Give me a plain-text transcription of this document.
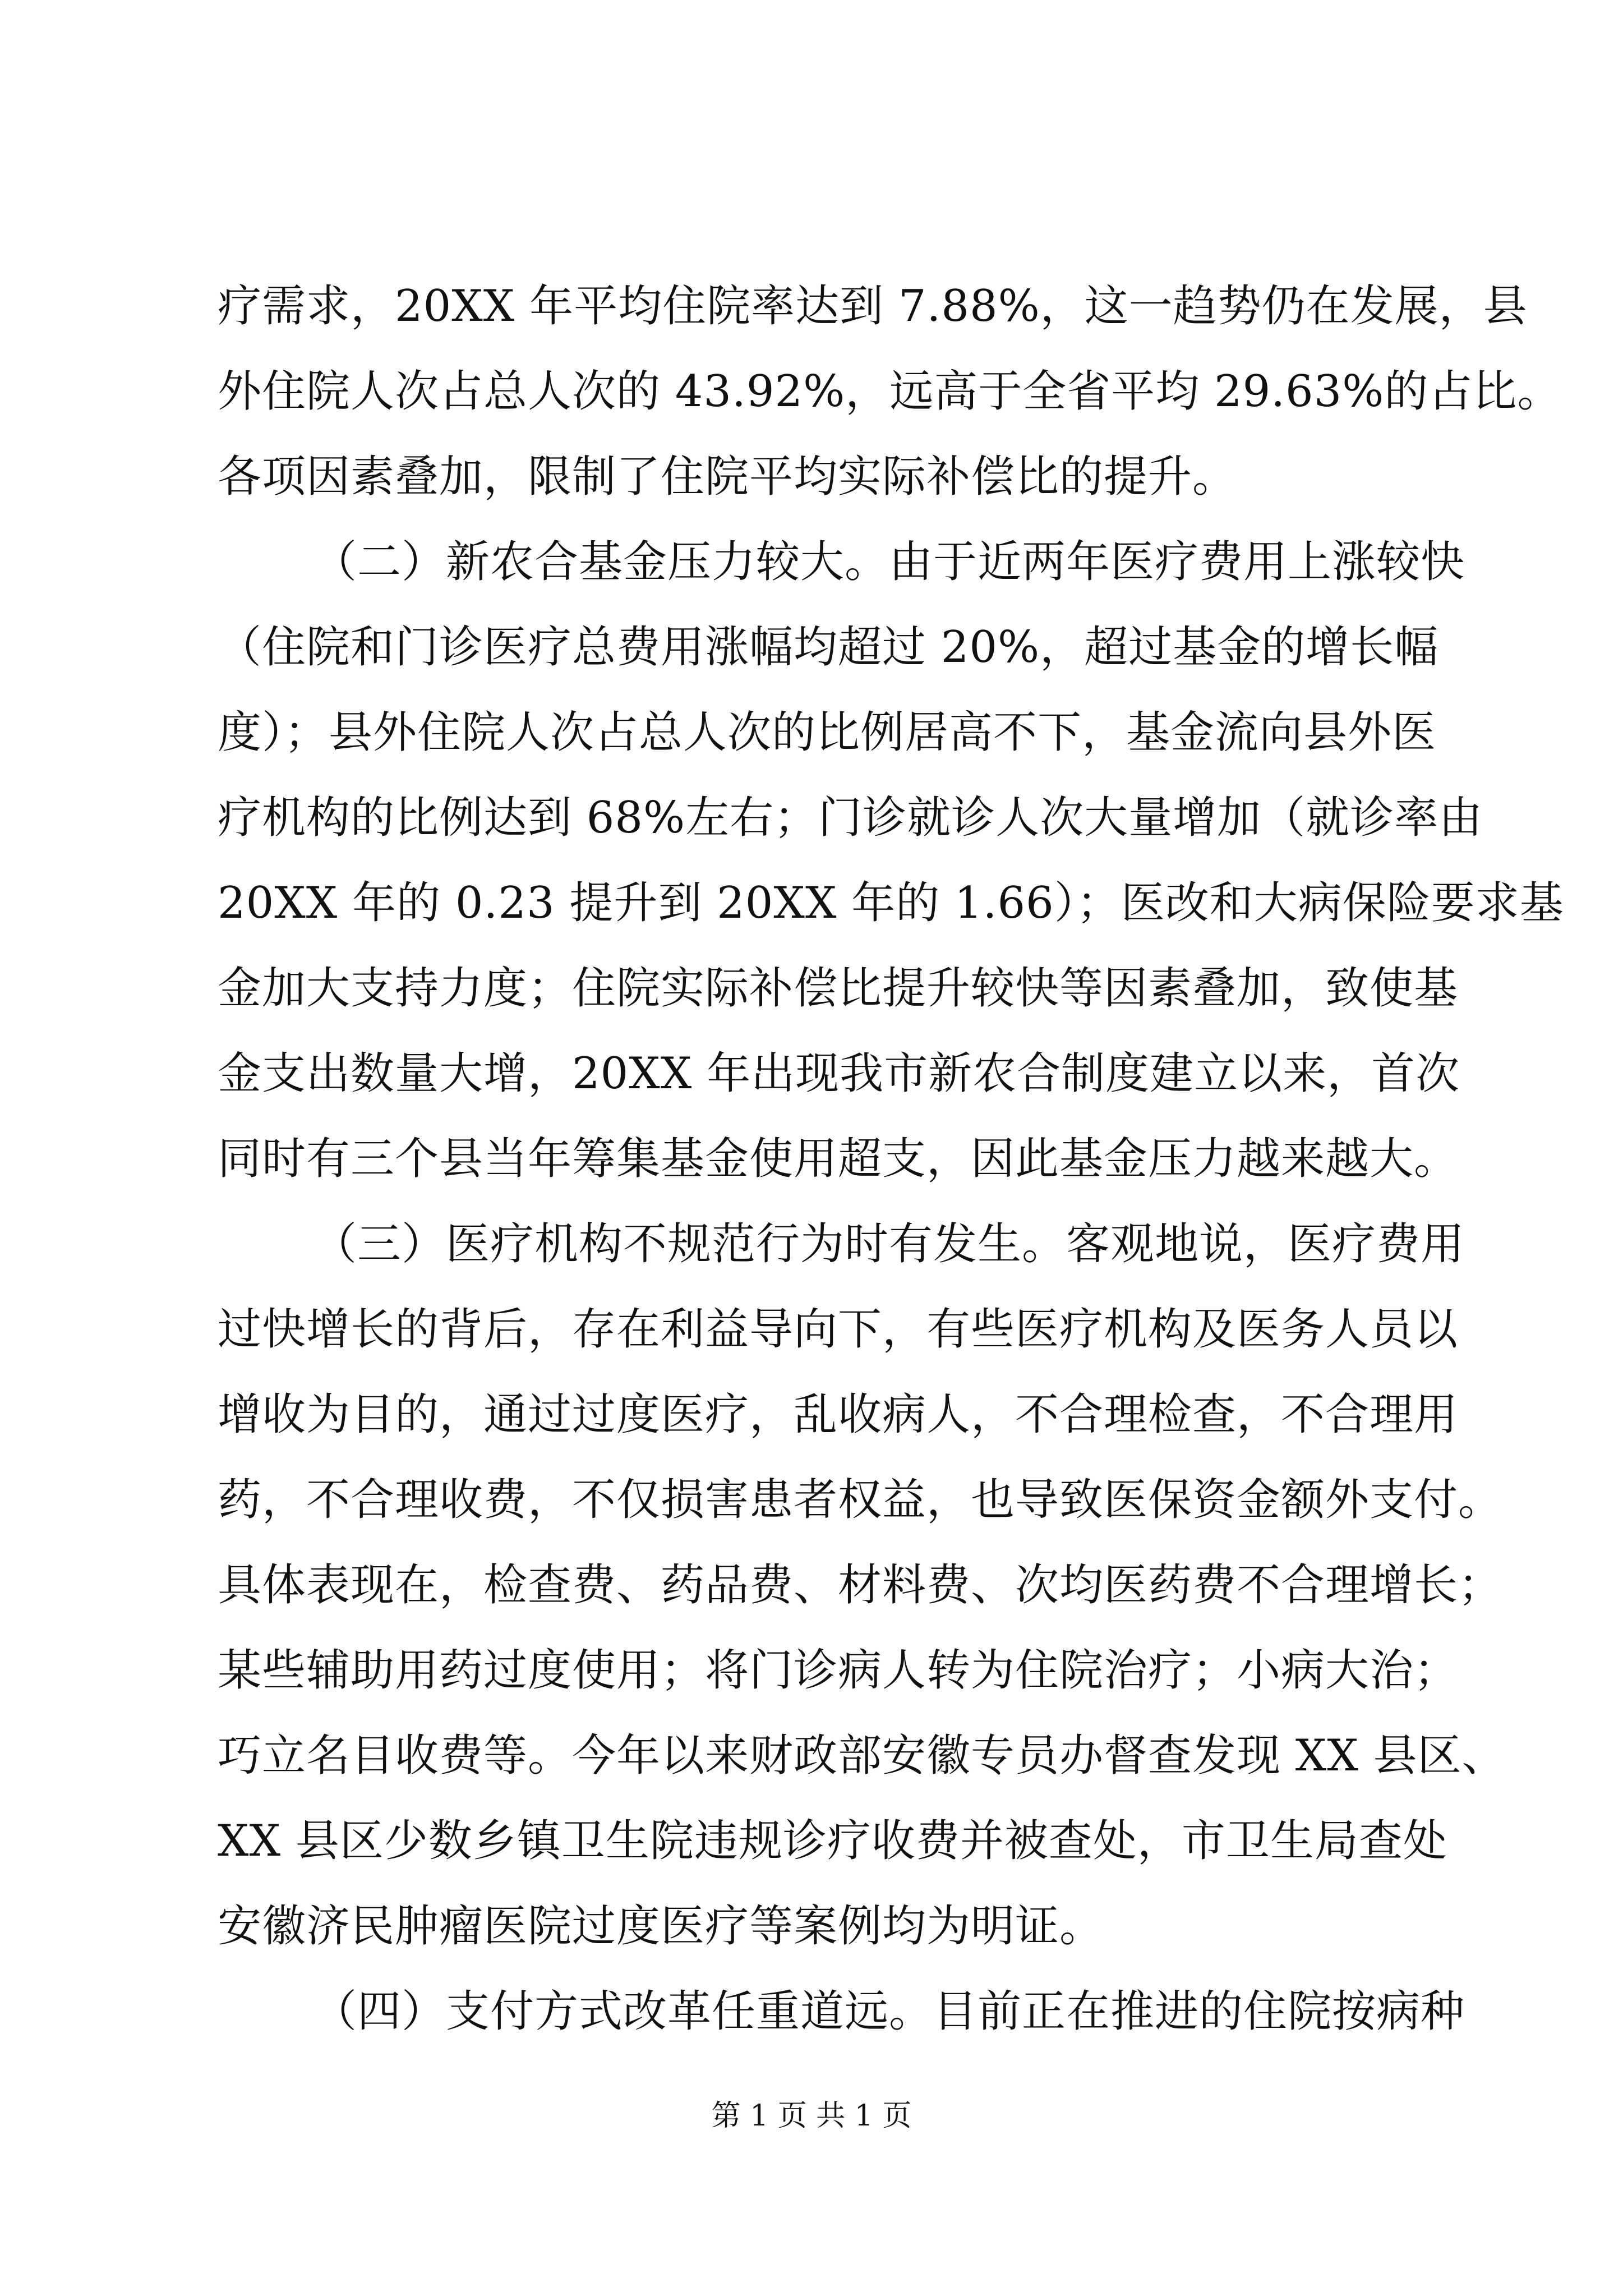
疗需求，20XX 年平均住院率达到 7.88%，这一趋势仍在发展，县
外住院人次占总人次的 43.92%，远高于全省平均 29.63%的占比。
各项因素叠加，限制了住院平均实际补偿比的提升。
（二）新农合基金压力较大。由于近两年医疗费用上涨较快
（住院和门诊医疗总费用涨幅均超过 20%，超过基金的增长幅
度）；县外住院人次占总人次的比例居高不下，基金流向县外医
疗机构的比例达到 68%左右；门诊就诊人次大量增加（就诊率由
20XX 年的 0.23 提升到 20XX 年的 1.66）；医改和大病保险要求基
金加大支持力度；住院实际补偿比提升较快等因素叠加，致使基
金支出数量大增，20XX 年出现我市新农合制度建立以来，首次
同时有三个县当年筹集基金使用超支，因此基金压力越来越大。
（三）医疗机构不规范行为时有发生。客观地说，医疗费用
过快增长的背后，存在利益导向下，有些医疗机构及医务人员以
增收为目的，通过过度医疗，乱收病人，不合理检查，不合理用
药，不合理收费，不仅损害患者权益，也导致医保资金额外支付。
具体表现在，检查费、药品费、材料费、次均医药费不合理增长；
某些辅助用药过度使用；将门诊病人转为住院治疗；小病大治；
巧立名目收费等。今年以来财政部安徽专员办督查发现 XX 县区、
XX 县区少数乡镇卫生院违规诊疗收费并被查处，市卫生局查处
安徽济民肿瘤医院过度医疗等案例均为明证。
（四）支付方式改革任重道远。目前正在推进的住院按病种
第 1 页 共 1 页
